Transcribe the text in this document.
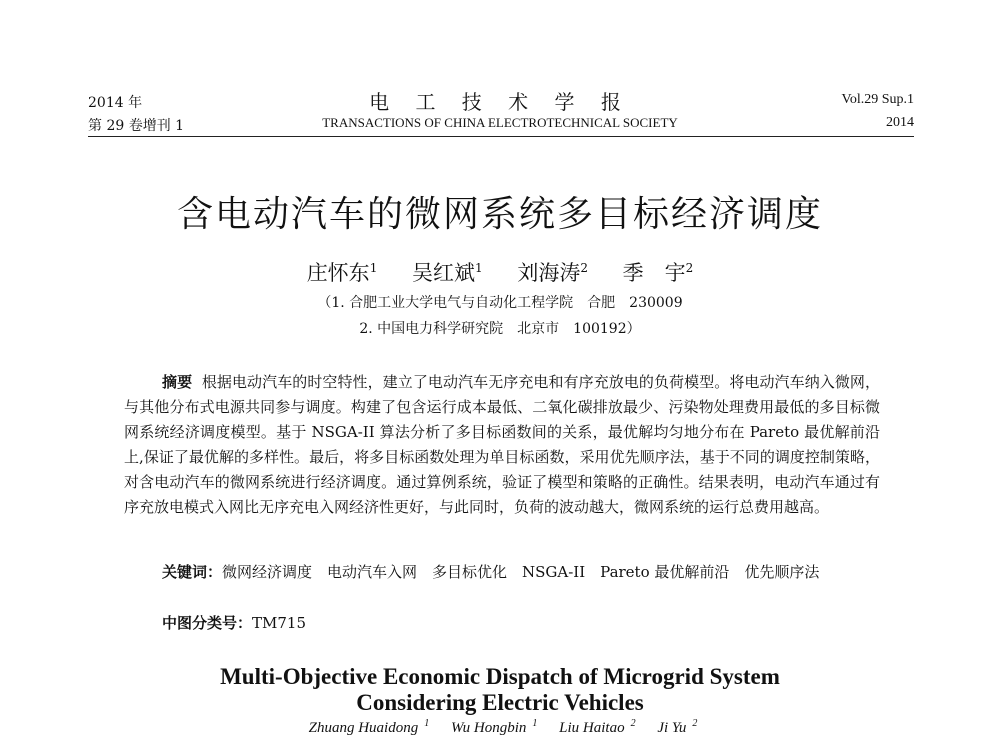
2014 年
第 29 卷增刊 1
电 工 技 术 学 报
TRANSACTIONS OF CHINA ELECTROTECHNICAL SOCIETY
Vol.29 Sup.1
2014
含电动汽车的微网系统多目标经济调度
庄怀东$^1$ 吴红斌$^1$ 刘海涛$^2$ 季　宇$^2$
（1. 合肥工业大学电气与自动化工程学院　合肥　230009
2. 中国电力科学研究院　北京市　100192）
摘要 根据电动汽车的时空特性，建立了电动汽车无序充电和有序充放电的负荷模型。将电动汽车纳入微网，与其他分布式电源共同参与调度。构建了包含运行成本最低、二氧化碳排放最少、污染物处理费用最低的多目标微网系统经济调度模型。基于 NSGA-II 算法分析了多目标函数间的关系，最优解均匀地分布在 Pareto 最优解前沿上,保证了最优解的多样性。最后，将多目标函数处理为单目标函数，采用优先顺序法，基于不同的调度控制策略，对含电动汽车的微网系统进行经济调度。通过算例系统，验证了模型和策略的正确性。结果表明，电动汽车通过有序充放电模式入网比无序充电入网经济性更好，与此同时，负荷的波动越大，微网系统的运行总费用越高。
关键词：微网经济调度　电动汽车入网　多目标优化　NSGA-II　Pareto 最优解前沿　优先顺序法
中图分类号：TM715
Multi-Objective Economic Dispatch of Microgrid System
Considering Electric Vehicles
Zhuang Huaidong $^1$ Wu Hongbin $^1$ Liu Haitao $^2$ Ji Yu $^2$
